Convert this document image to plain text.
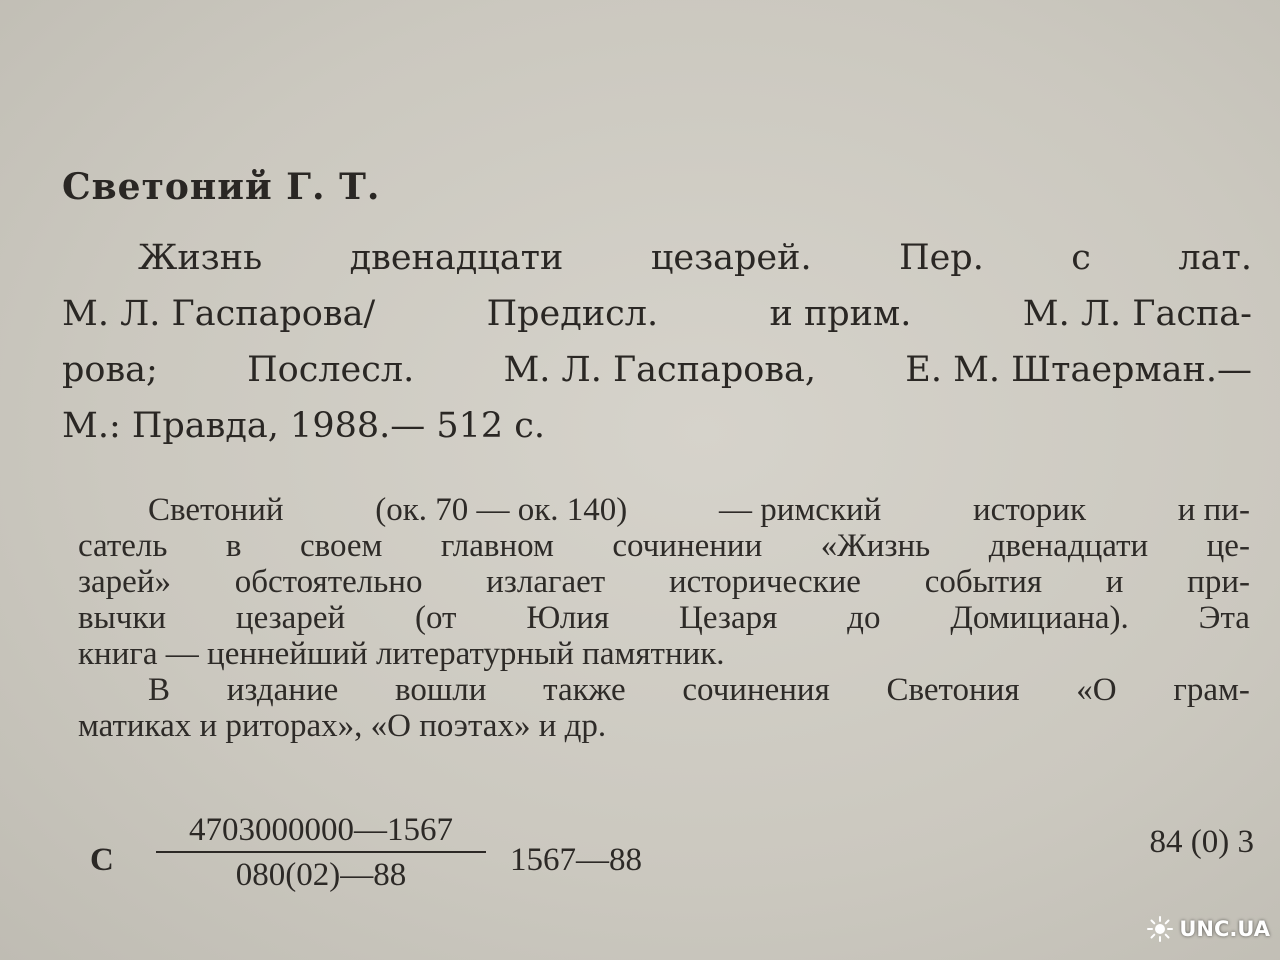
Светоний Г. Т.
Жизнь двенадцати цезарей. Пер. с лат.
М. Л. Гаспарова/	Предисл.	и прим.	М. Л. Гаспа-
рова;	Послесл.	М. Л. Гаспарова,	Е. М. Штаерман.—
М.: Правда, 1988.— 512 с.
Светоний	(ок. 70 — ок. 140)	— римский	историк	и пи-
сатель в своем главном сочинении «Жизнь двенадцати це-
зарей» обстоятельно излагает исторические события и при-
вычки цезарей (от Юлия Цезаря до Домициана). Эта
книга — ценнейший литературный памятник.
В издание вошли также сочинения Светония «О грам-
матиках и риторах», «О поэтах» и др.
С
4703000000—1567
080(02)—88	1567—88	84 (0) 3
UNC.UA
